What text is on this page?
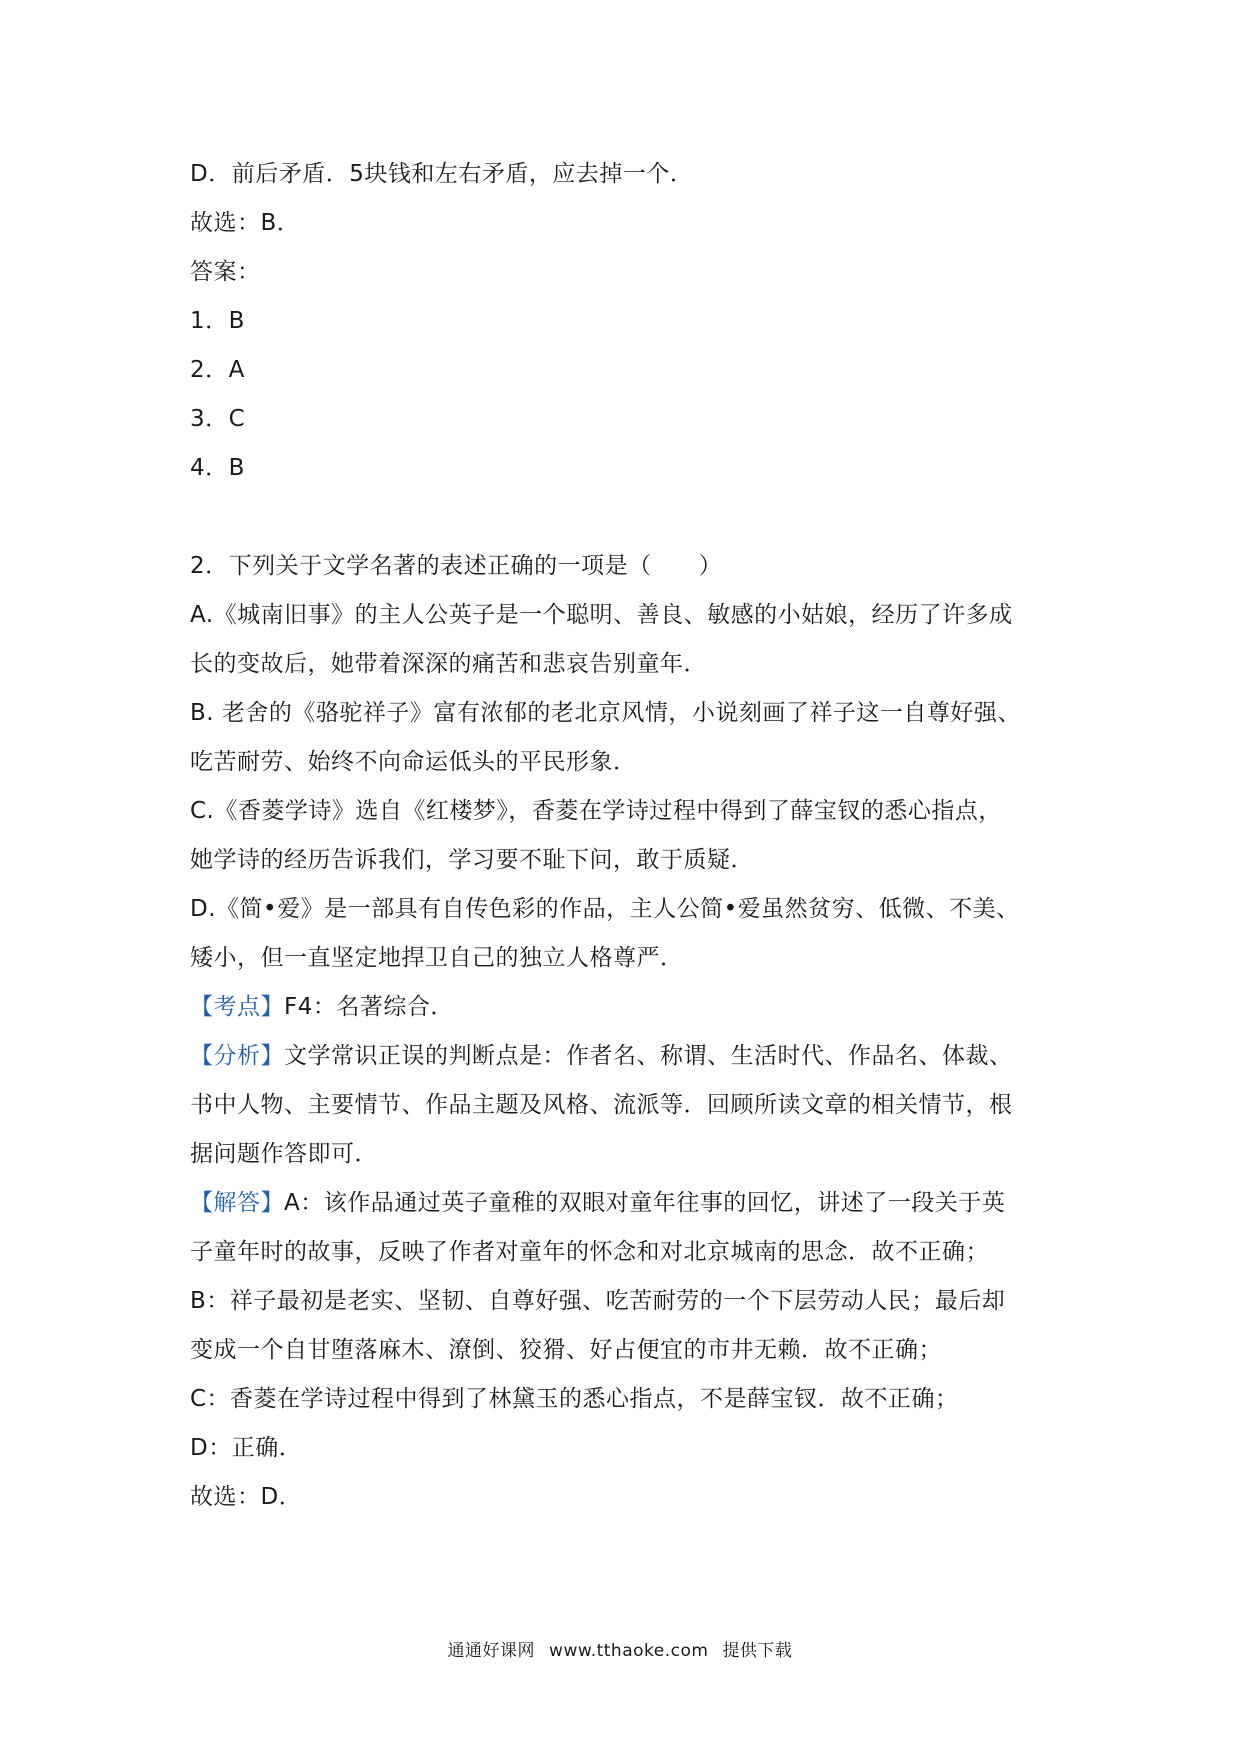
D．前后矛盾．5块钱和左右矛盾，应去掉一个．
故选：B．
答案：
1．B
2．A
3．C
4．B
2．下列关于文学名著的表述正确的一项是（　　）
A.《城南旧事》的主人公英子是一个聪明、善良、敏感的小姑娘，经历了许多成
长的变故后，她带着深深的痛苦和悲哀告别童年．
B. 老舍的《骆驼祥子》富有浓郁的老北京风情，小说刻画了祥子这一自尊好强、
吃苦耐劳、始终不向命运低头的平民形象．
C.《香菱学诗》选自《红楼梦》，香菱在学诗过程中得到了薛宝钗的悉心指点，
她学诗的经历告诉我们，学习要不耻下问，敢于质疑．
D.《简•爱》是一部具有自传色彩的作品，主人公简•爱虽然贫穷、低微、不美、
矮小，但一直坚定地捍卫自己的独立人格尊严．
【考点】F4：名著综合．
【分析】文学常识正误的判断点是：作者名、称谓、生活时代、作品名、体裁、
书中人物、主要情节、作品主题及风格、流派等．回顾所读文章的相关情节，根
据问题作答即可．
【解答】A：该作品通过英子童稚的双眼对童年往事的回忆，讲述了一段关于英
子童年时的故事，反映了作者对童年的怀念和对北京城南的思念．故不正确；
B：祥子最初是老实、坚韧、自尊好强、吃苦耐劳的一个下层劳动人民；最后却
变成一个自甘堕落麻木、潦倒、狡猾、好占便宜的市井无赖．故不正确；
C：香菱在学诗过程中得到了林黛玉的悉心指点，不是薛宝钗．故不正确；
D：正确．
故选：D．
通通好课网 www.tthaoke.com 提供下载
